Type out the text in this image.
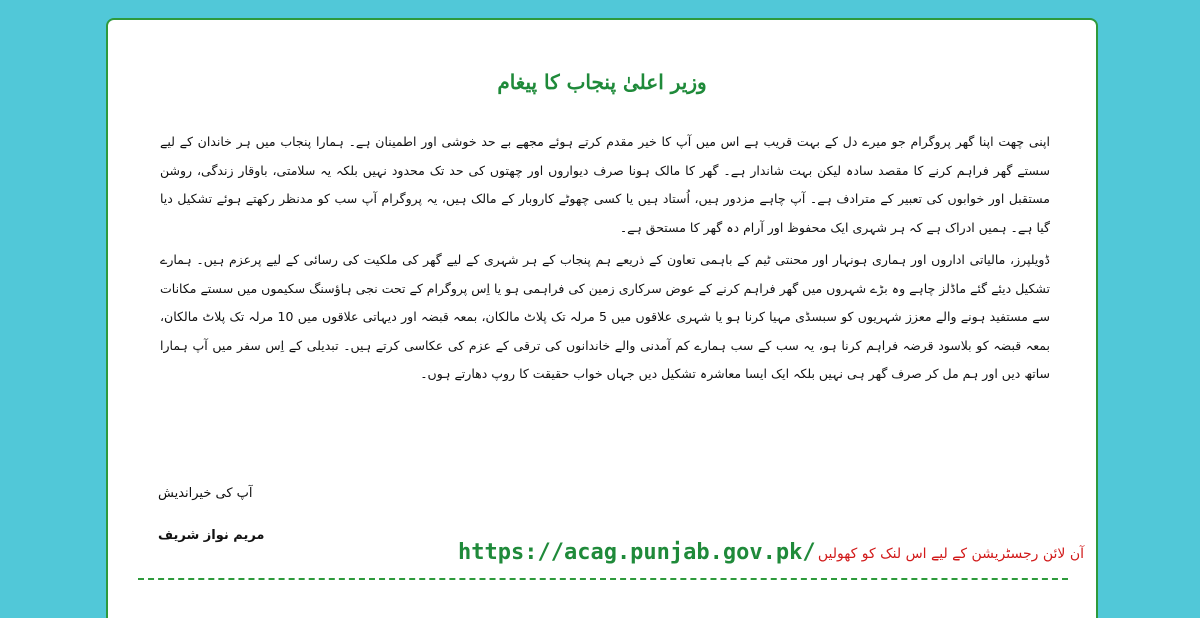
وزیر اعلیٰ پنجاب کا پیغام

اپنی چھت اپنا گھر پروگرام جو میرے دل کے بہت قریب ہے اس میں آپ کا خیر مقدم کرتے ہوئے مجھے بے حد خوشی اور اطمینان ہے۔ ہمارا پنجاب میں ہر خاندان کے لیے سستے گھر فراہم کرنے کا مقصد سادہ لیکن بہت شاندار ہے۔ گھر کا مالک ہونا صرف دیواروں اور چھتوں کی حد تک محدود نہیں بلکہ یہ سلامتی، باوقار زندگی، روشن مستقبل اور خوابوں کی تعبیر کے مترادف ہے۔ آپ چاہے مزدور ہیں، اُستاد ہیں یا کسی چھوٹے کاروبار کے مالک ہیں، یہ پروگرام آپ سب کو مدنظر رکھتے ہوئے تشکیل دیا گیا ہے۔ ہمیں ادراک ہے کہ ہر شہری ایک محفوظ اور آرام دہ گھر کا مستحق ہے۔

ڈویلپرز، مالیاتی اداروں اور ہماری ہونہار اور محنتی ٹیم کے باہمی تعاون کے ذریعے ہم پنجاب کے ہر شہری کے لیے گھر کی ملکیت کی رسائی کے لیے پرعزم ہیں۔ ہمارے تشکیل دیئے گئے ماڈلز چاہے وہ بڑے شہروں میں گھر فراہم کرنے کے عوض سرکاری زمین کی فراہمی ہو یا اِس پروگرام کے تحت نجی ہاؤسنگ سکیموں میں سستے مکانات سے مستفید ہونے والے معزز شہریوں کو سبسڈی مہیا کرنا ہو یا شہری علاقوں میں 5 مرلہ تک پلاٹ مالکان، بمعہ قبضہ اور دیہاتی علاقوں میں 10 مرلہ تک پلاٹ مالکان، بمعہ قبضہ کو بلاسود قرضہ فراہم کرنا ہو، یہ سب کے سب ہمارے کم آمدنی والے خاندانوں کی ترقی کے عزم کی عکاسی کرتے ہیں۔ تبدیلی کے اِس سفر میں آپ ہمارا ساتھ دیں اور ہم مل کر صرف گھر ہی نہیں بلکہ ایک ایسا معاشرہ تشکیل دیں جہاں خواب حقیقت کا روپ دھارتے ہوں۔

آپ کی خیراندیش
مریم نواز شریف
https://acag.punjab.gov.pk/ آن لائن رجسٹریشن کے لیے اس لنک کو کھولیں
